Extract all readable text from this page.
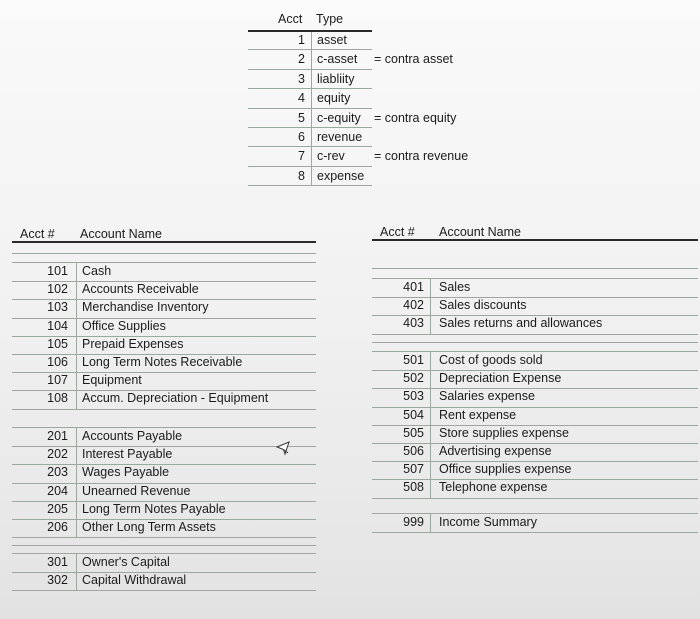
Acct Type
1 asset
2 c-asset = contra asset
3 liabliity
4 equity
5 c-equity = contra equity
6 revenue
7 c-rev = contra revenue
8 expense
Acct # Account Name
101 Cash
102 Accounts Receivable
103 Merchandise Inventory
104 Office Supplies
105 Prepaid Expenses
106 Long Term Notes Receivable
107 Equipment
108 Accum. Depreciation - Equipment
201 Accounts Payable
202 Interest Payable
203 Wages Payable
204 Unearned Revenue
205 Long Term Notes Payable
206 Other Long Term Assets
301 Owner's Capital
302 Capital Withdrawal
Acct # Account Name
401 Sales
402 Sales discounts
403 Sales returns and allowances
501 Cost of goods sold
502 Depreciation Expense
503 Salaries expense
504 Rent expense
505 Store supplies expense
506 Advertising expense
507 Office supplies expense
508 Telephone expense
999 Income Summary
